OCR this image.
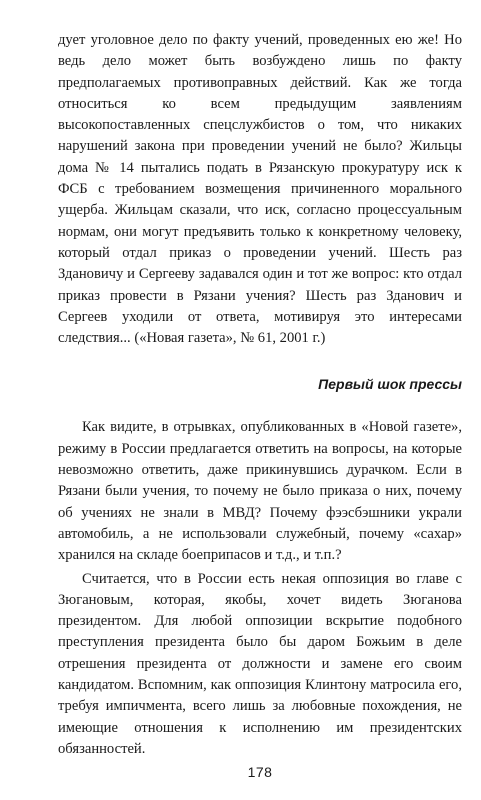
дует уголовное дело по факту учений, проведенных ею же! Но ведь дело может быть возбуждено лишь по факту предполагаемых противоправных действий. Как же тогда относиться ко всем предыдущим заявлениям высокопоставленных спецслужбистов о том, что никаких нарушений закона при проведении учений не было? Жильцы дома № 14 пытались подать в Рязанскую прокуратуру иск к ФСБ с требованием возмещения причиненного морального ущерба. Жильцам сказали, что иск, согласно процессуальным нормам, они могут предъявить только к конкретному человеку, который отдал приказ о проведении учений. Шесть раз Здановичу и Сергееву задавался один и тот же вопрос: кто отдал приказ провести в Рязани учения? Шесть раз Зданович и Сергеев уходили от ответа, мотивируя это интересами следствия... («Новая газета», № 61, 2001 г.)

Первый шок прессы

Как видите, в отрывках, опубликованных в «Новой газете», режиму в России предлагается ответить на вопросы, на которые невозможно ответить, даже прикинувшись дурачком. Если в Рязани были учения, то почему не было приказа о них, почему об учениях не знали в МВД? Почему фээсбэшники украли автомобиль, а не использовали служебный, почему «сахар» хранился на складе боеприпасов и т.д., и т.п.?

Считается, что в России есть некая оппозиция во главе с Зюгановым, которая, якобы, хочет видеть Зюганова президентом. Для любой оппозиции вскрытие подобного преступления президента было бы даром Божьим в деле отрешения президента от должности и замене его своим кандидатом. Вспомним, как оппозиция Клинтону матросила его, требуя импичмента, всего лишь за любовные похождения, не имеющие отношения к исполнению им президентских обязанностей.

178
